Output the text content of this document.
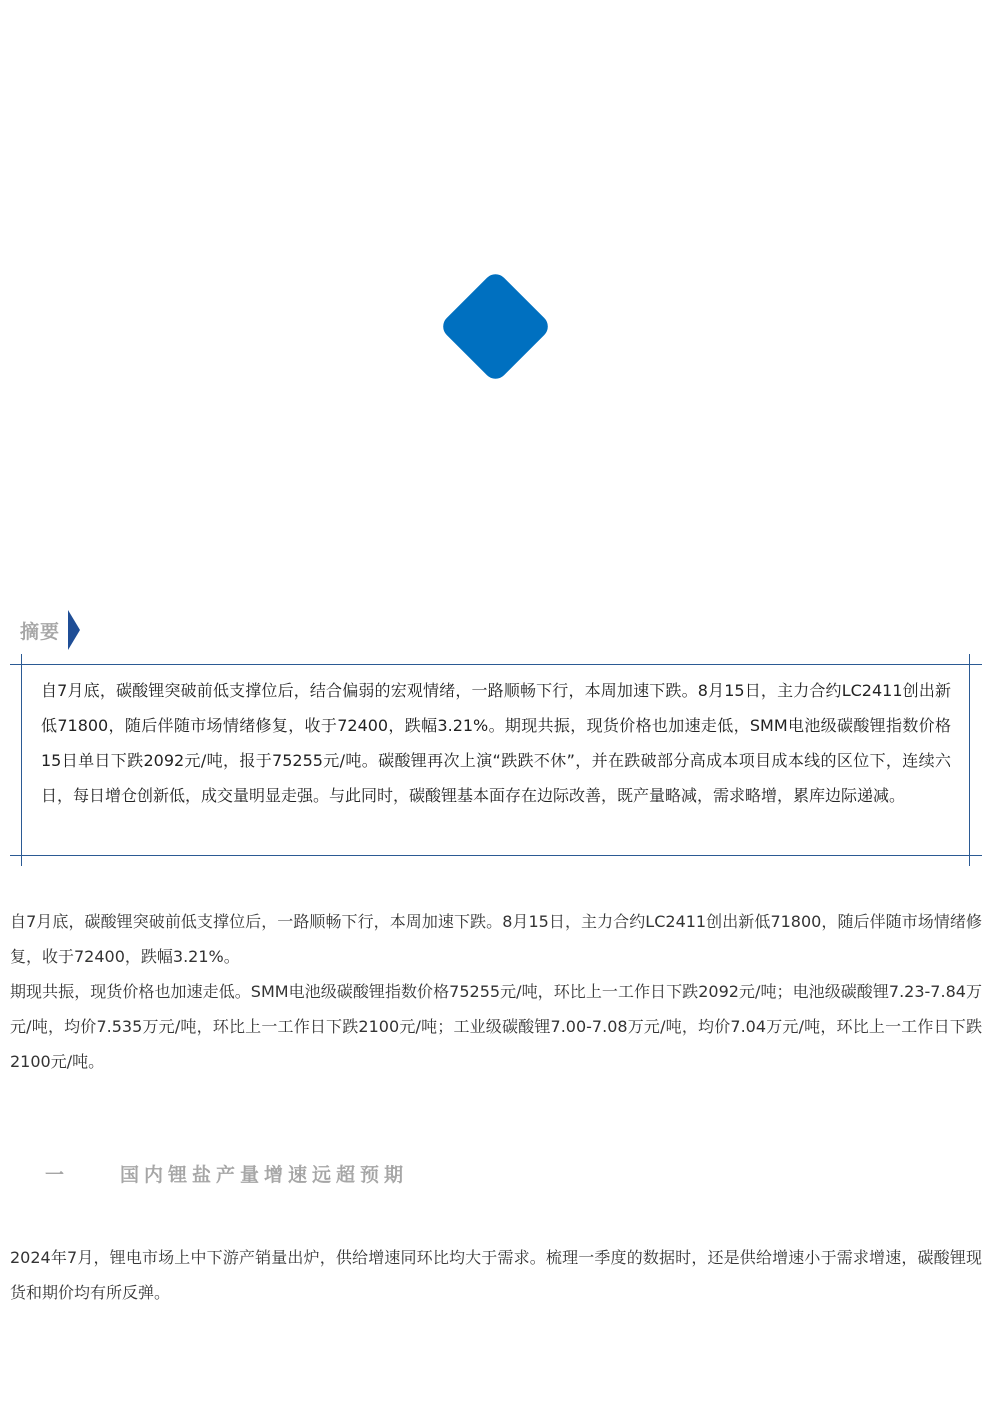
摘要

自7月底，碳酸锂突破前低支撑位后，结合偏弱的宏观情绪，一路顺畅下行，本周加速下跌。8月15日，主力合约LC2411创出新低71800，随后伴随市场情绪修复，收于72400，跌幅3.21%。期现共振，现货价格也加速走低，SMM电池级碳酸锂指数价格15日单日下跌2092元/吨，报于75255元/吨。碳酸锂再次上演“跌跌不休”，并在跌破部分高成本项目成本线的区位下，连续六日，每日增仓创新低，成交量明显走强。与此同时，碳酸锂基本面存在边际改善，既产量略减，需求略增，累库边际递减。

自7月底，碳酸锂突破前低支撑位后，一路顺畅下行，本周加速下跌。8月15日，主力合约LC2411创出新低71800，随后伴随市场情绪修复，收于72400，跌幅3.21%。

期现共振，现货价格也加速走低。SMM电池级碳酸锂指数价格75255元/吨，环比上一工作日下跌2092元/吨；电池级碳酸锂7.23-7.84万元/吨，均价7.535万元/吨，环比上一工作日下跌2100元/吨；工业级碳酸锂7.00-7.08万元/吨，均价7.04万元/吨，环比上一工作日下跌2100元/吨。

一	国内锂盐产量增速远超预期

2024年7月，锂电市场上中下游产销量出炉，供给增速同环比均大于需求。梳理一季度的数据时，还是供给增速小于需求增速，碳酸锂现货和期价均有所反弹。
